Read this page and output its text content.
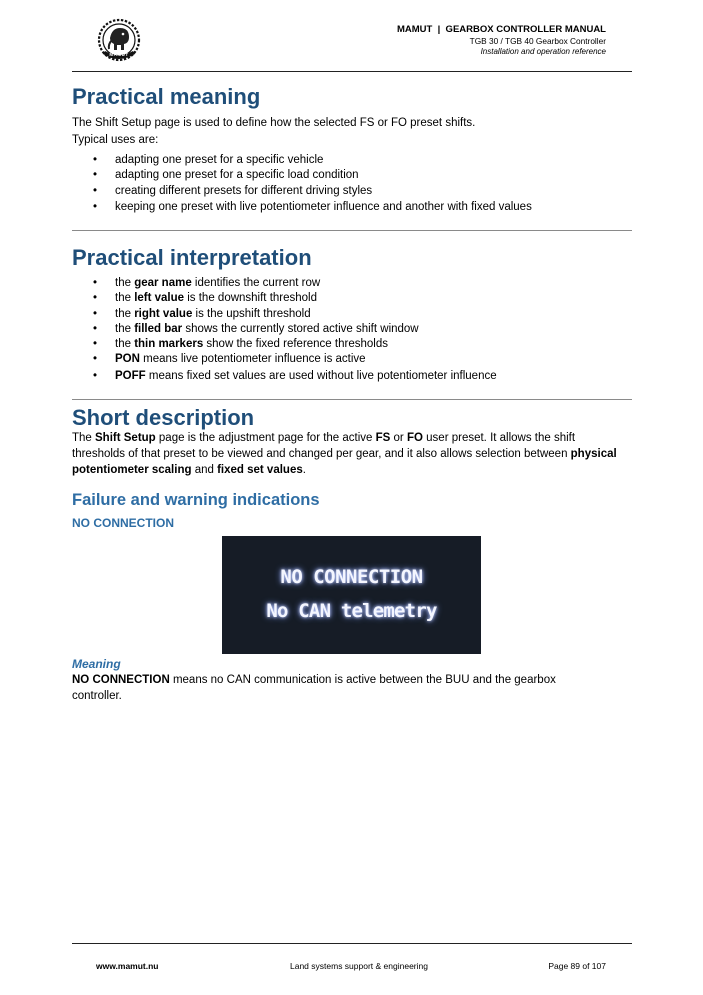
MAMUT
MAMUT  |  GEARBOX CONTROLLER MANUAL
TGB 30 / TGB 40 Gearbox Controller
Installation and operation reference
Practical meaning

The Shift Setup page is used to define how the selected FS or FO preset shifts.

Typical uses are:

• adapting one preset for a specific vehicle
• adapting one preset for a specific load condition
• creating different presets for different driving styles
• keeping one preset with live potentiometer influence and another with fixed values
Practical interpretation
• the gear name identifies the current row
• the left value is the downshift threshold
• the right value is the upshift threshold
• the filled bar shows the currently stored active shift window
• the thin markers show the fixed reference thresholds
• PON means live potentiometer influence is active
• POFF means fixed set values are used without live potentiometer influence
Short description

The Shift Setup page is the adjustment page for the active FS or FO user preset. It allows the shift thresholds of that preset to be viewed and changed per gear, and it also allows selection between physical potentiometer scaling and fixed set values.

Failure and warning indications
NO CONNECTION
NO CONNECTION
No CAN telemetry
Meaning

NO CONNECTION means no CAN communication is active between the BUU and the gearbox controller.

www.mamut.nu	Land systems support & engineering	Page 89 of 107
